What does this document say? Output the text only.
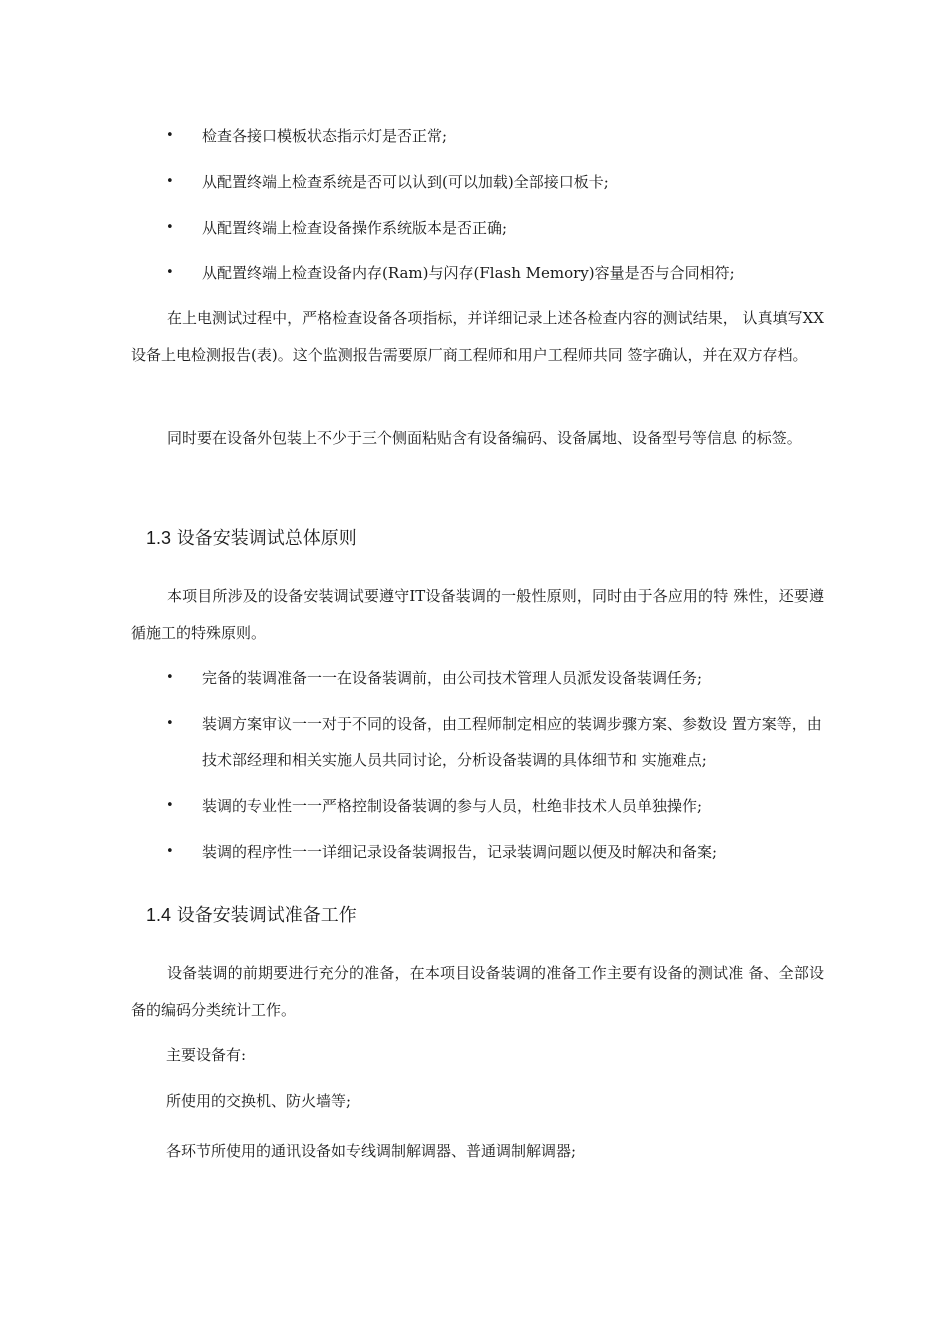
• 检查各接口模板状态指示灯是否正常;
• 从配置终端上检查系统是否可以认到(可以加载)全部接口板卡;
• 从配置终端上检查设备操作系统版本是否正确;
• 从配置终端上检查设备内存(Ram)与闪存(Flash Memory)容量是否与合同相符;
在上电测试过程中，严格检查设备各项指标，并详细记录上述各检查内容的测试结果， 认真填写XX设备上电检测报告(表)。这个监测报告需要原厂商工程师和用户工程师共同 签字确认，并在双方存档。
同时要在设备外包装上不少于三个侧面粘贴含有设备编码、设备属地、设备型号等信息 的标签。
1.3 设备安装调试总体原则
本项目所涉及的设备安装调试要遵守IT设备装调的一般性原则，同时由于各应用的特 殊性，还要遵循施工的特殊原则。
• 完备的装调准备一一在设备装调前，由公司技术管理人员派发设备装调任务;
• 装调方案审议一一对于不同的设备，由工程师制定相应的装调步骤方案、参数设 置方案等，由技术部经理和相关实施人员共同讨论，分析设备装调的具体细节和 实施难点;
• 装调的专业性一一严格控制设备装调的参与人员，杜绝非技术人员单独操作;
• 装调的程序性一一详细记录设备装调报告，记录装调问题以便及时解决和备案;
1.4 设备安装调试准备工作
设备装调的前期要进行充分的准备，在本项目设备装调的准备工作主要有设备的测试准 备、全部设备的编码分类统计工作。
主要设备有:
所使用的交换机、防火墙等;
各环节所使用的通讯设备如专线调制解调器、普通调制解调器;
